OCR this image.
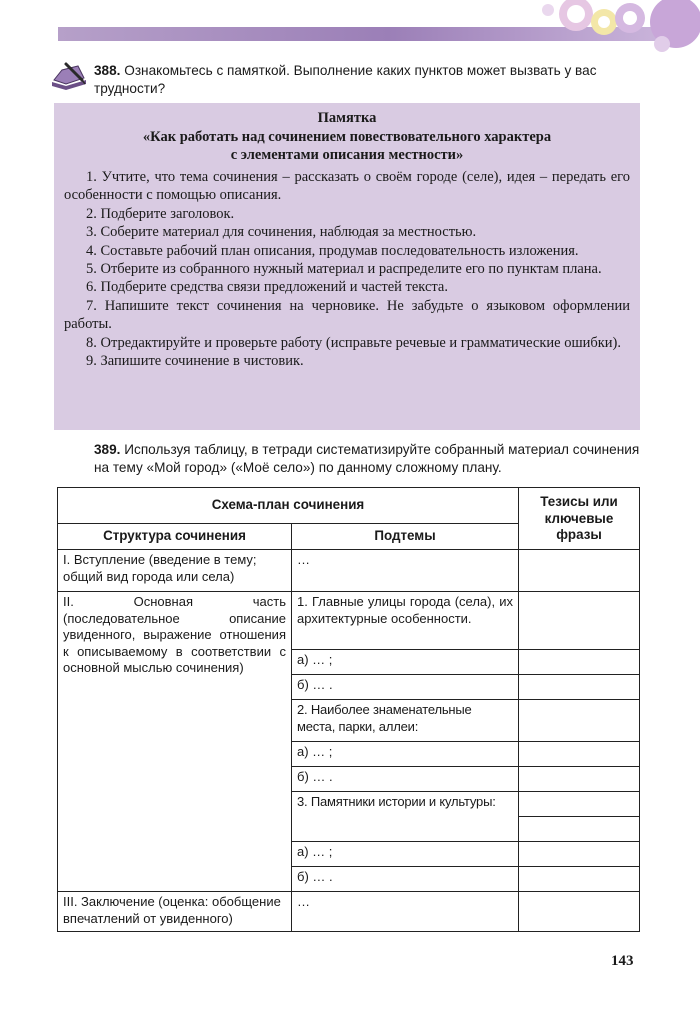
388. Ознакомьтесь с памяткой. Выполнение каких пунктов может вызвать у вас трудности?
Памятка
«Как работать над сочинением повествовательного характера
с элементами описания местности»
1. Учтите, что тема сочинения – рассказать о своём городе (селе), идея – передать его особенности с помощью описания.
2. Подберите заголовок.
3. Соберите материал для сочинения, наблюдая за местностью.
4. Составьте рабочий план описания, продумав последовательность изложения.
5. Отберите из собранного нужный материал и распределите его по пунктам плана.
6. Подберите средства связи предложений и частей текста.
7. Напишите текст сочинения на черновике. Не забудьте о языковом оформлении работы.
8. Отредактируйте и проверьте работу (исправьте речевые и грамматические ошибки).
9. Запишите сочинение в чистовик.
389. Используя таблицу, в тетради систематизируйте собранный материал сочинения на тему «Мой город» («Моё село») по данному сложному плану.
Схема-план сочинения		Тезисы или ключевые фразы
Структура сочинения	Подтемы	
I. Вступление (введение в тему; общий вид города или села)	…	
II. Основная часть (последовательное описание увиденного, выражение отношения к описываемому в соответствии с основной мыслью сочинения)	1. Главные улицы города (села), их архитектурные особенности.	
	а) … ;	
	б) … .	
	2. Наиболее знаменательные места, парки, аллеи:	
	а) … ;	
	б) … .	
	3. Памятники истории и культуры:	

	а) … ;	
	б) … .	
III. Заключение (оценка: обобщение впечатлений от увиденного)	…	
143
